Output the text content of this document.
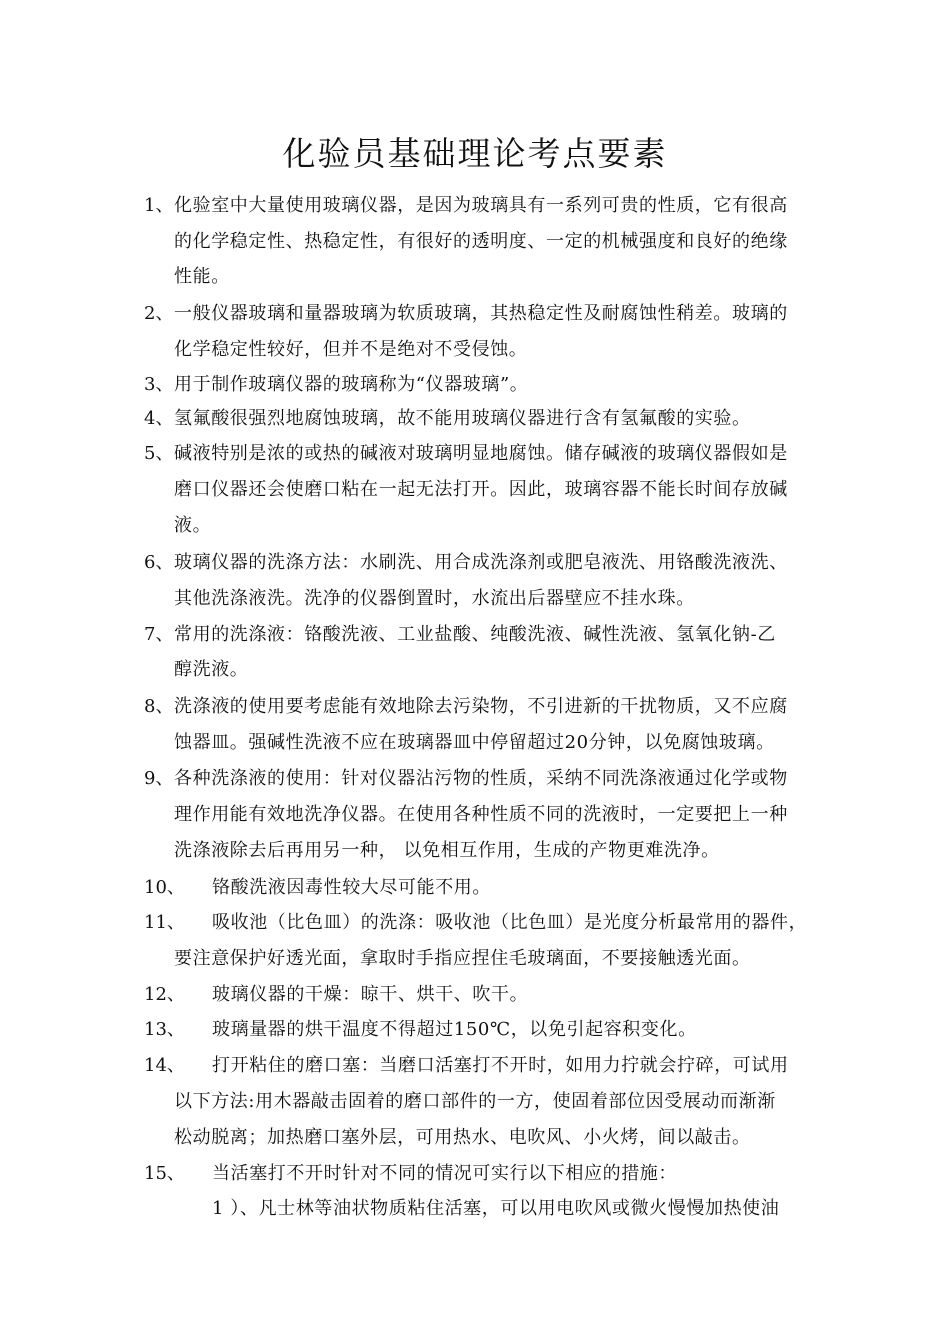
化验员基础理论考点要素
1、 化验室中大量使用玻璃仪器，是因为玻璃具有一系列可贵的性质，它有很高
的化学稳定性、热稳定性，有很好的透明度、一定的机械强度和良好的绝缘
性能。
2、 一般仪器玻璃和量器玻璃为软质玻璃，其热稳定性及耐腐蚀性稍差。玻璃的
化学稳定性较好，但并不是绝对不受侵蚀。
3、 用于制作玻璃仪器的玻璃称为“仪器玻璃”。
4、 氢氟酸很强烈地腐蚀玻璃，故不能用玻璃仪器进行含有氢氟酸的实验。
5、 碱液特别是浓的或热的碱液对玻璃明显地腐蚀。储存碱液的玻璃仪器假如是
磨口仪器还会使磨口粘在一起无法打开。因此，玻璃容器不能长时间存放碱
液。
6、 玻璃仪器的洗涤方法：水刷洗、用合成洗涤剂或肥皂液洗、用铬酸洗液洗、
其他洗涤液洗。洗净的仪器倒置时，水流出后器壁应不挂水珠。
7、 常用的洗涤液：铬酸洗液、工业盐酸、纯酸洗液、碱性洗液、氢氧化钠-乙
醇洗液。
8、 洗涤液的使用要考虑能有效地除去污染物，不引进新的干扰物质，又不应腐
蚀器皿。强碱性洗液不应在玻璃器皿中停留超过20分钟，以免腐蚀玻璃。
9、 各种洗涤液的使用：针对仪器沾污物的性质，采纳不同洗涤液通过化学或物
理作用能有效地洗净仪器。在使用各种性质不同的洗液时，一定要把上一种
洗涤液除去后再用另一种， 以免相互作用，生成的产物更难洗净。
10、 铬酸洗液因毒性较大尽可能不用。
11、 吸收池（比色皿）的洗涤：吸收池（比色皿）是光度分析最常用的器件，
要注意保护好透光面，拿取时手指应捏住毛玻璃面，不要接触透光面。
12、 玻璃仪器的干燥：晾干、烘干、吹干。
13、 玻璃量器的烘干温度不得超过150℃，以免引起容积变化。
14、 打开粘住的磨口塞：当磨口活塞打不开时，如用力拧就会拧碎，可试用
以下方法:用木器敲击固着的磨口部件的一方，使固着部位因受展动而渐渐
松动脱离；加热磨口塞外层，可用热水、电吹风、小火烤，间以敲击。
15、 当活塞打不开时针对不同的情况可实行以下相应的措施：
1 ）、凡士林等油状物质粘住活塞，可以用电吹风或微火慢慢加热使油
